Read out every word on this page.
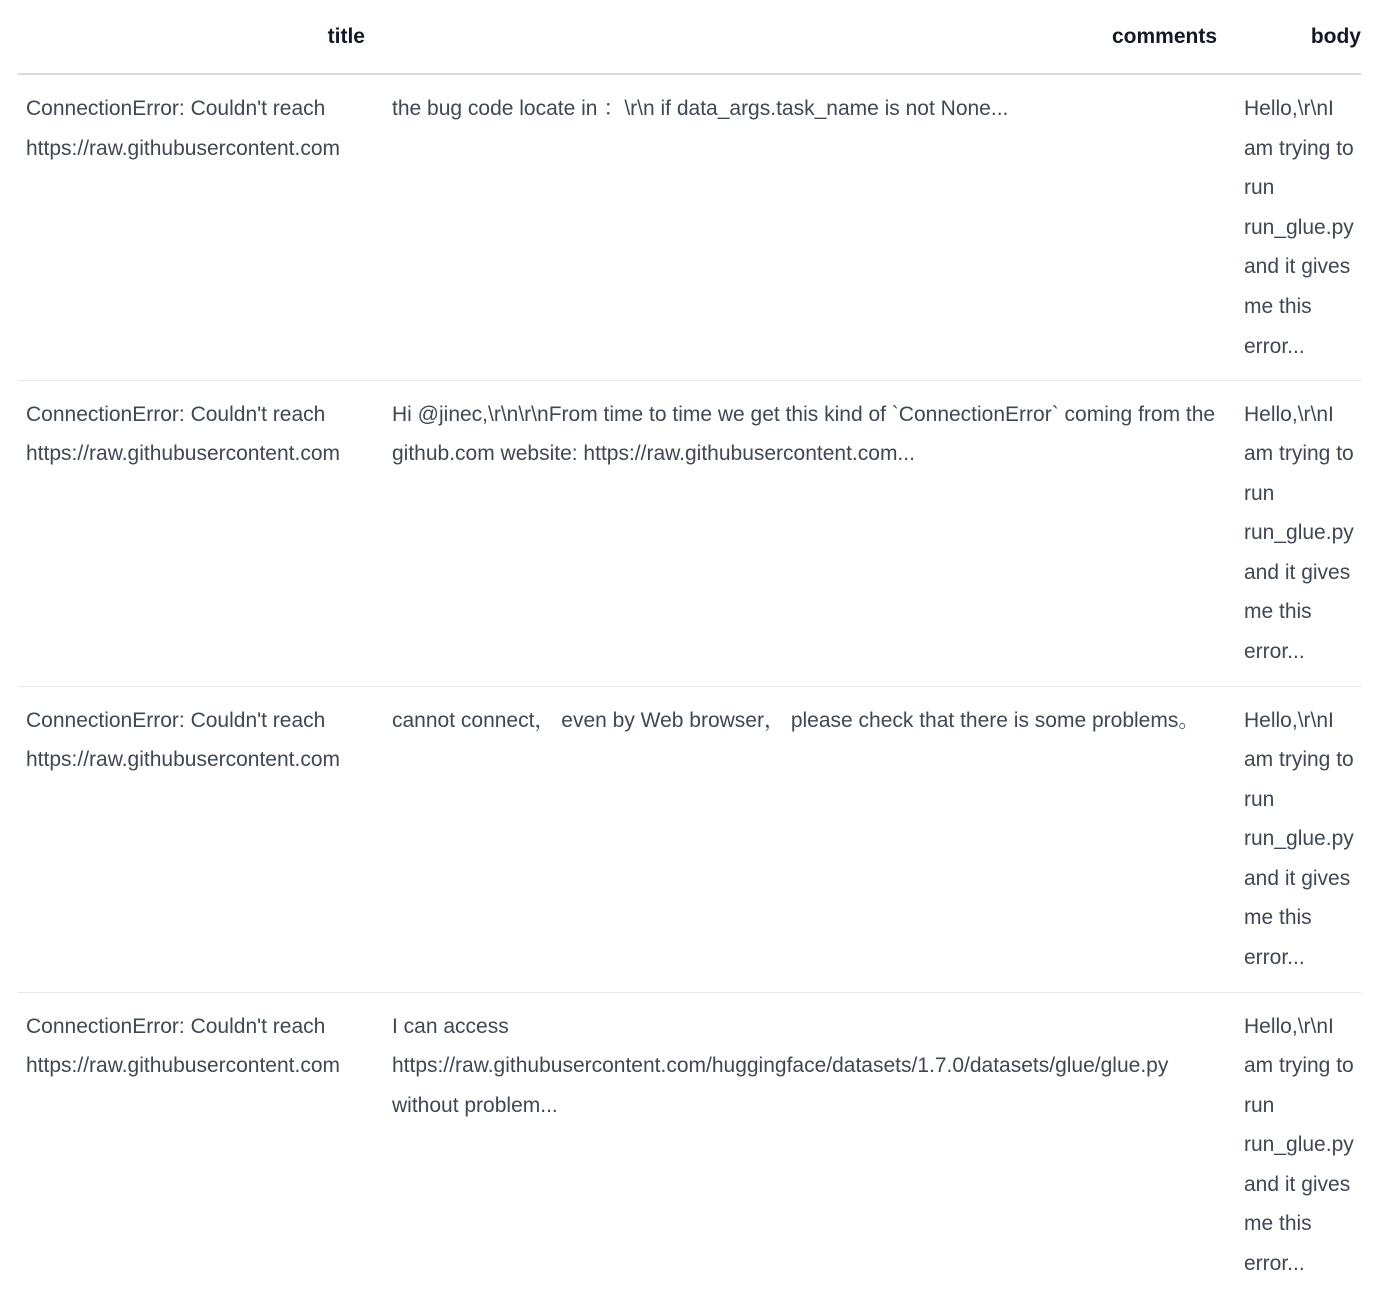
title	comments	body
ConnectionError: Couldn't reach https://raw.githubusercontent.com	the bug code locate in ：\r\n if data_args.task_name is not None...	Hello,\r\nI am trying to run run_glue.py and it gives me this error...
ConnectionError: Couldn't reach https://raw.githubusercontent.com	Hi @jinec,\r\n\r\nFrom time to time we get this kind of `ConnectionError` coming from the github.com website: https://raw.githubusercontent.com...	Hello,\r\nI am trying to run run_glue.py and it gives me this error...
ConnectionError: Couldn't reach https://raw.githubusercontent.com	cannot connect， even by Web browser， please check that there is some problems。	Hello,\r\nI am trying to run run_glue.py and it gives me this error...
ConnectionError: Couldn't reach https://raw.githubusercontent.com	I can access https://raw.githubusercontent.com/huggingface/datasets/1.7.0/datasets/glue/glue.py without problem...	Hello,\r\nI am trying to run run_glue.py and it gives me this error...
